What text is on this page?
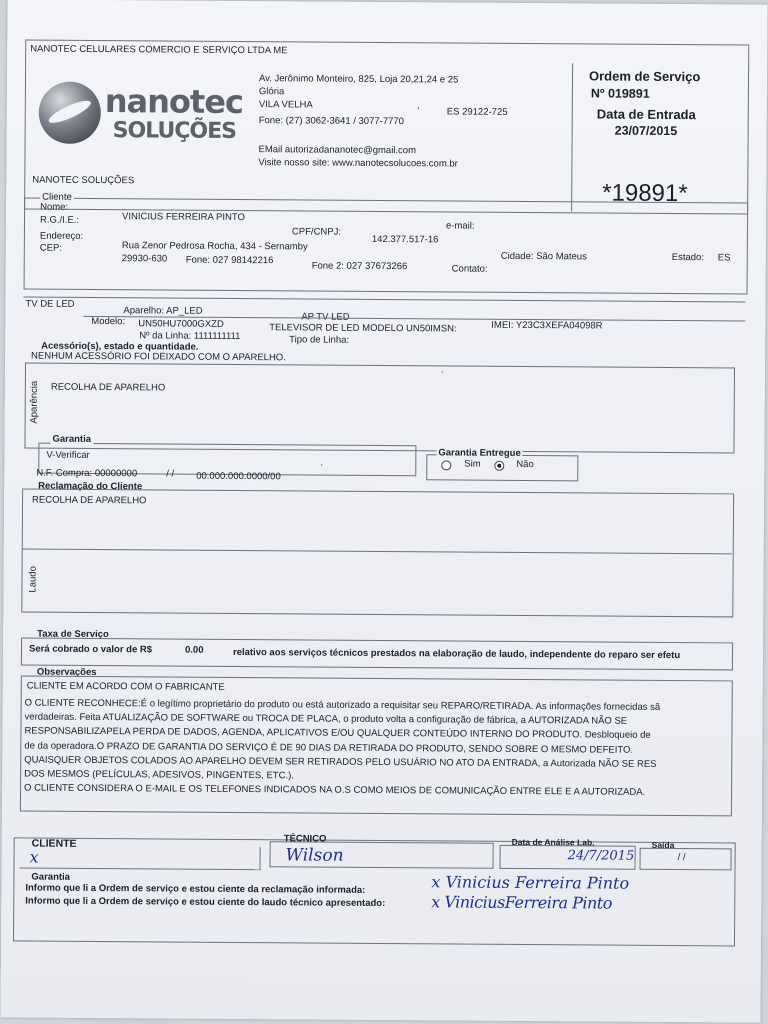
NANOTEC CELULARES COMERCIO E SERVIÇO LTDA ME
nanotec
SOLUÇÕES
Av. Jerônimo Monteiro, 825, Loja 20,21,24 e 25
Glória
VILA VELHA	,
ES 29122-725
Fone: (27) 3062-3641 / 3077-7770
EMail autorizadananotec@gmail.com
Visite nosso site: www.nanotecsolucoes.com.br
NANOTEC SOLUÇÕES
Ordem de Serviço
Nº 019891
Data de Entrada
23/07/2015
*19891*
Cliente
Nome:
VINICIUS FERREIRA PINTO
R.G./I.E.:
CPF/CNPJ:
142.377.517-16
e-mail:
Endereço:
Rua Zenor Pedrosa Rocha, 434 - Sernamby
CEP:
29930-630 Fone: 027 98142216
Fone 2: 027 37673266	Contato:
Cidade: São Mateus	Estado: ES
TV DE LED
Aparelho: AP_LED
Modelo: UN50HU7000GXZD
Nº da Linha: 1111111111
AP TV LED
TELEVISOR DE LED MODELO UN50IMSN:
Tipo de Linha:
IMEI: Y23C3XEFA04098R
Acessório(s), estado e quantidade.
NENHUM ACESSÓRIO FOI DEIXADO COM O APARELHO.
.
Aparência RECOLHA DE APARELHO
Garantia
V-Verificar
.
Garantia Entregue
Sim	Não
N.F. Compra: 00000000	/ / 00.000.000.0000/00
Reclamação do Cliente
RECOLHA DE APARELHO
Laudo
Taxa de Serviço
Será cobrado o valor de R$	0.00	relativo aos serviços técnicos prestados na elaboração de laudo, independente do reparo ser efetu
Observações
CLIENTE EM ACORDO COM O FABRICANTE

O CLIENTE RECONHECE:É o legítimo proprietário do produto ou está autorizado a requisitar seu REPARO/RETIRADA. As informações fornecidas sã

verdadeiras. Feita ATUALIZAÇÃO DE SOFTWARE ou TROCA DE PLACA, o produto volta a configuração de fábrica, a AUTORIZADA NÃO SE

RESPONSABILIZAPELA PERDA DE DADOS, AGENDA, APLICATIVOS E/OU QUALQUER CONTEÚDO INTERNO DO PRODUTO. Desbloqueio de

de da operadora.O PRAZO DE GARANTIA DO SERVIÇO É DE 90 DIAS DA RETIRADA DO PRODUTO, SENDO SOBRE O MESMO DEFEITO.

QUAISQUER OBJETOS COLADOS AO APARELHO DEVEM SER RETIRADOS PELO USUÁRIO NO ATO DA ENTRADA, a Autorizada NÃO SE RES

DOS MESMOS (PELÍCULAS, ADESIVOS, PINGENTES, ETC.).

O CLIENTE CONSIDERA O E-MAIL E OS TELEFONES INDICADOS NA O.S COMO MEIOS DE COMUNICAÇÃO ENTRE ELE E A AUTORIZADA.

CLIENTE
x
TÉCNICO
Wilson
Data de Análise Lab.
24/7/2015
Saída
/ /
Garantia
Informo que li a Ordem de serviço e estou ciente da reclamação informada:
Informo que li a Ordem de serviço e estou ciente do laudo técnico apresentado:
x Vinicius Ferreira Pinto
x ViniciusFerreira Pinto
